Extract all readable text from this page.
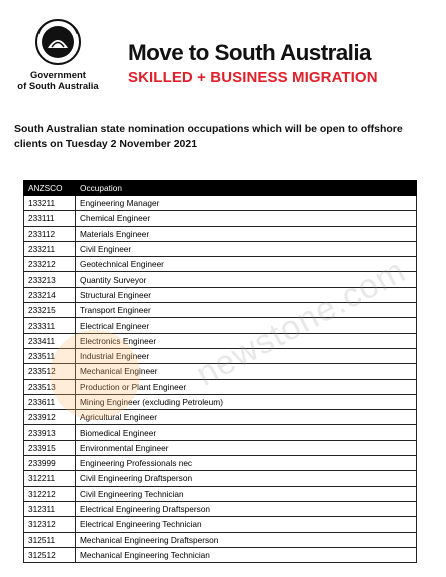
Government
of South Australia
Move to South Australia
SKILLED + BUSINESS MIGRATION
South Australian state nomination occupations which will be open to offshore clients on Tuesday 2 November 2021
ANZSCO	Occupation
133211	Engineering Manager
233111	Chemical Engineer
233112	Materials Engineer
233211	Civil Engineer
233212	Geotechnical Engineer
233213	Quantity Surveyor
233214	Structural Engineer
233215	Transport Engineer
233311	Electrical Engineer
233411	Electronics Engineer
233511	Industrial Engineer
233512	Mechanical Engineer
233513	Production or Plant Engineer
233611	Mining Engineer (excluding Petroleum)
233912	Agricultural Engineer
233913	Biomedical Engineer
233915	Environmental Engineer
233999	Engineering Professionals nec
312211	Civil Engineering Draftsperson
312212	Civil Engineering Technician
312311	Electrical Engineering Draftsperson
312312	Electrical Engineering Technician
312511	Mechanical Engineering Draftsperson
312512	Mechanical Engineering Technician
newstone.com
